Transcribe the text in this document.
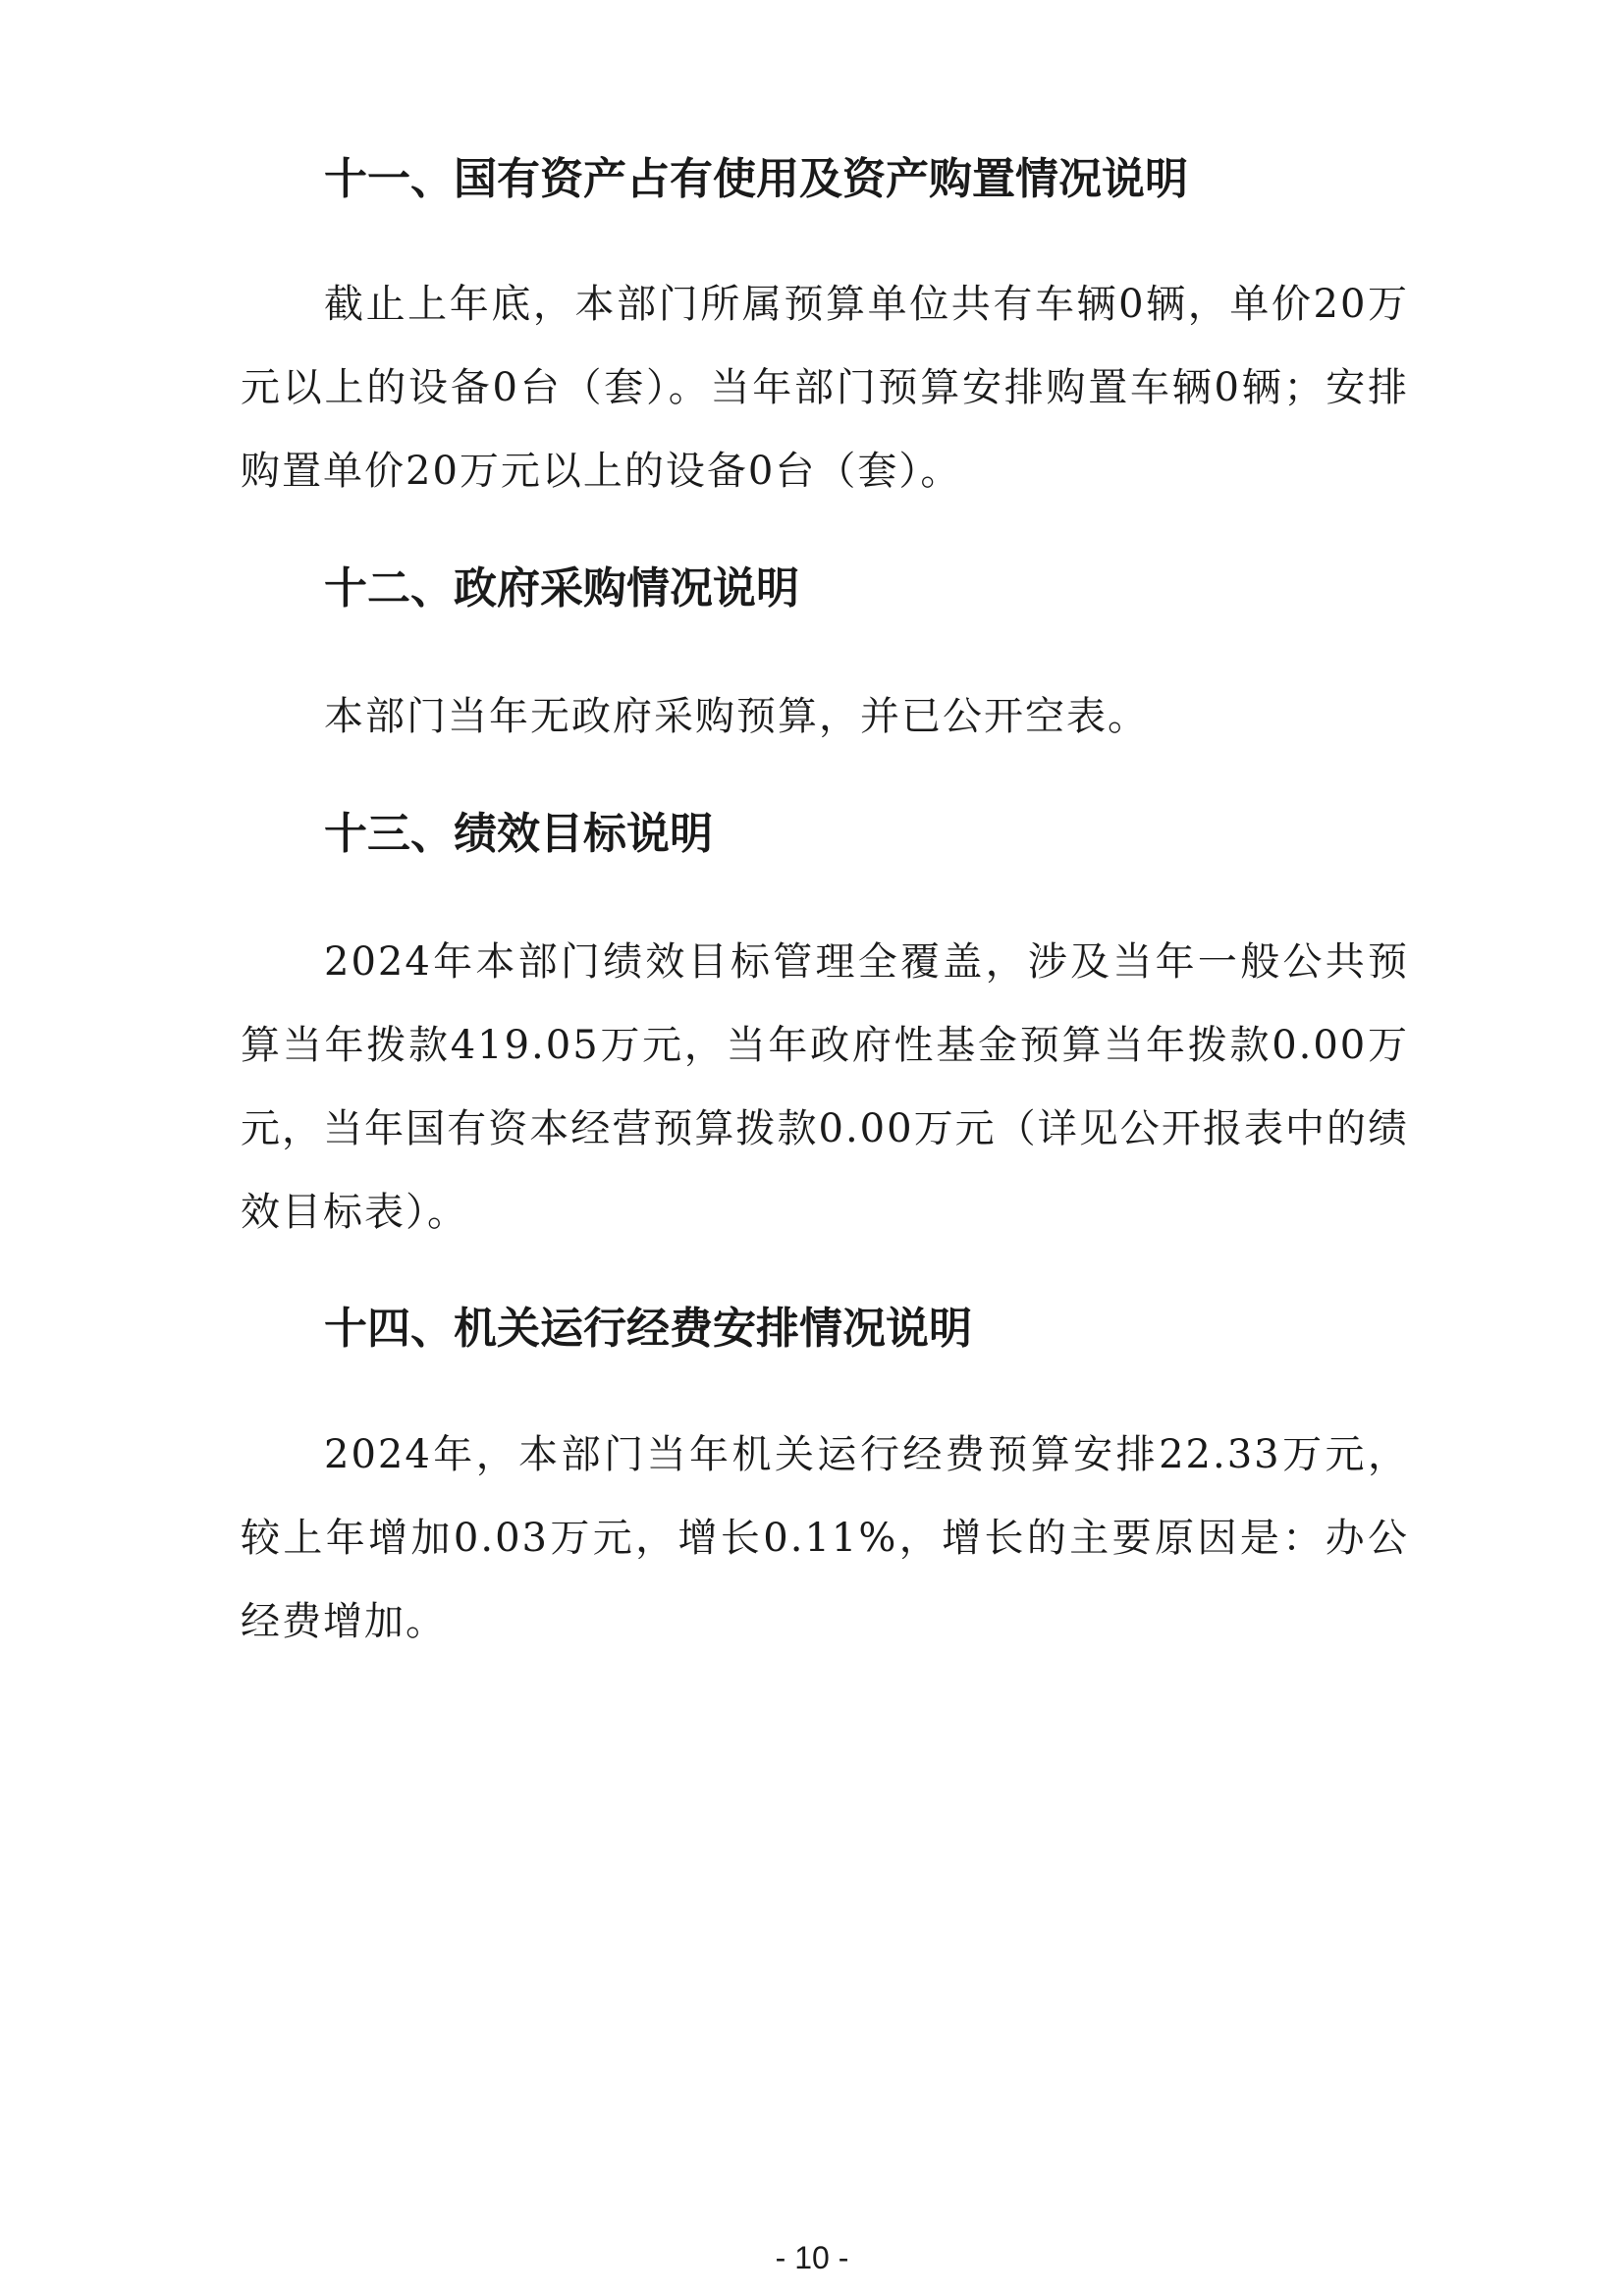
十一、国有资产占有使用及资产购置情况说明

截止上年底，本部门所属预算单位共有车辆0辆，单价20万元以上的设备0台（套）。当年部门预算安排购置车辆0辆；安排购置单价20万元以上的设备0台（套）。

十二、政府采购情况说明

本部门当年无政府采购预算，并已公开空表。

十三、绩效目标说明

2024年本部门绩效目标管理全覆盖，涉及当年一般公共预算当年拨款419.05万元，当年政府性基金预算当年拨款0.00万元，当年国有资本经营预算拨款0.00万元（详见公开报表中的绩效目标表）。

十四、机关运行经费安排情况说明

2024年，本部门当年机关运行经费预算安排22.33万元，较上年增加0.03万元，增长0.11%，增长的主要原因是：办公经费增加。

- 10 -
